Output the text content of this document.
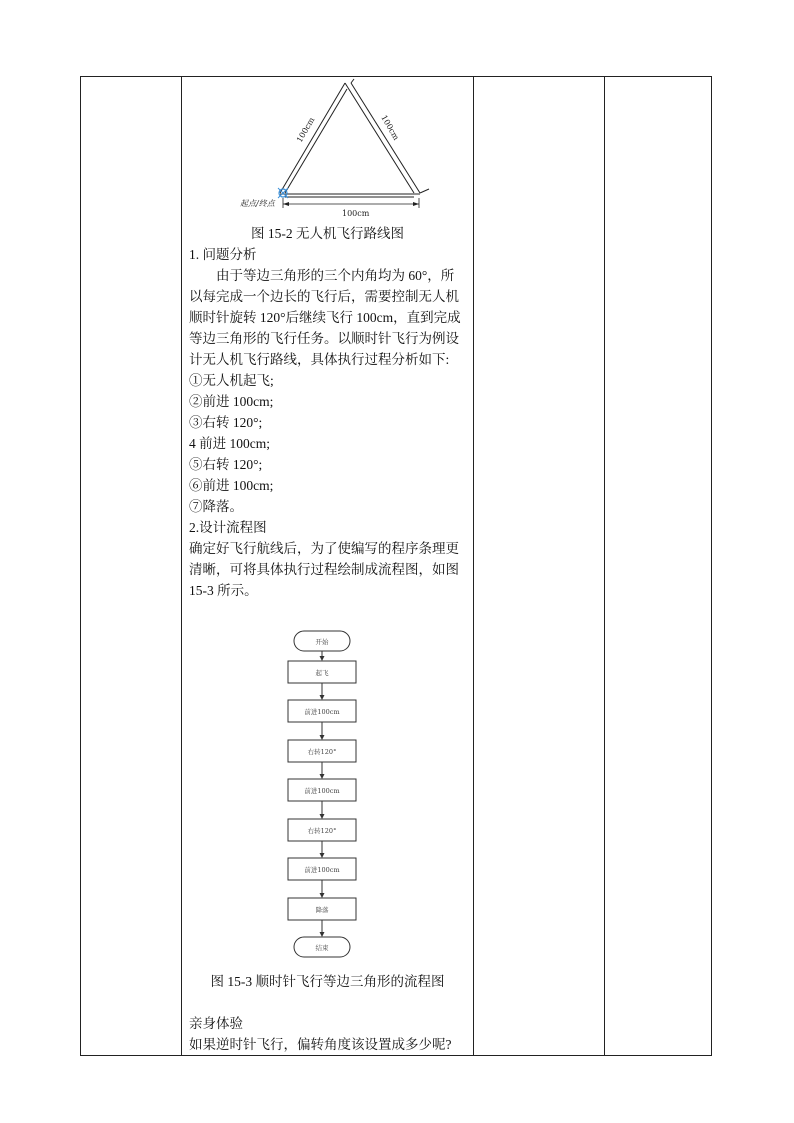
100cm	100cm
100cm
起点/终点

图 15-2 无人机飞行路线图

1. 问题分析

由于等边三角形的三个内角均为 60°，所以每完成一个边长的飞行后，需要控制无人机顺时针旋转 120°后继续飞行 100cm，直到完成等边三角形的飞行任务。以顺时针飞行为例设计无人机飞行路线，具体执行过程分析如下:

①无人机起飞;

②前进 100cm;

③右转 120°;

4 前进 100cm;

⑤右转 120°;

⑥前进 100cm;

⑦降落。

2.设计流程图

确定好飞行航线后，为了使编写的程序条理更清晰，可将具体执行过程绘制成流程图，如图 15-3 所示。

开始
起飞
前进100cm
右转120°
前进100cm
右转120°
前进100cm
降落
结束

图 15-3 顺时针飞行等边三角形的流程图

亲身体验

如果逆时针飞行，偏转角度该设置成多少呢?
